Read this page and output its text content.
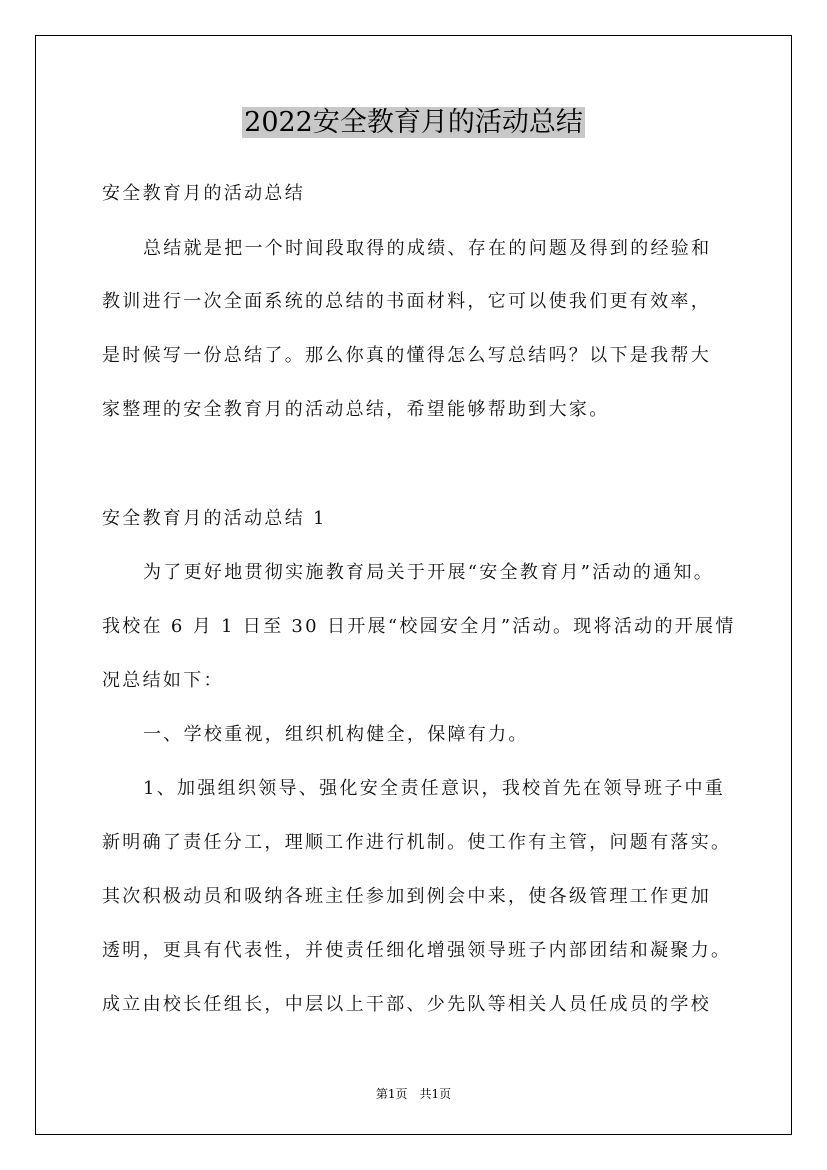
2022安全教育月的活动总结
安全教育月的活动总结
总结就是把一个时间段取得的成绩、存在的问题及得到的经验和
教训进行一次全面系统的总结的书面材料，它可以使我们更有效率，
是时候写一份总结了。那么你真的懂得怎么写总结吗？以下是我帮大
家整理的安全教育月的活动总结，希望能够帮助到大家。
安全教育月的活动总结 1
为了更好地贯彻实施教育局关于开展“安全教育月”活动的通知。
我校在 6 月 1 日至 30 日开展“校园安全月”活动。现将活动的开展情
况总结如下：
一、学校重视，组织机构健全，保障有力。
1、加强组织领导、强化安全责任意识，我校首先在领导班子中重
新明确了责任分工，理顺工作进行机制。使工作有主管，问题有落实。
其次积极动员和吸纳各班主任参加到例会中来，使各级管理工作更加
透明，更具有代表性，并使责任细化增强领导班子内部团结和凝聚力。
成立由校长任组长，中层以上干部、少先队等相关人员任成员的学校
第1页 共1页
